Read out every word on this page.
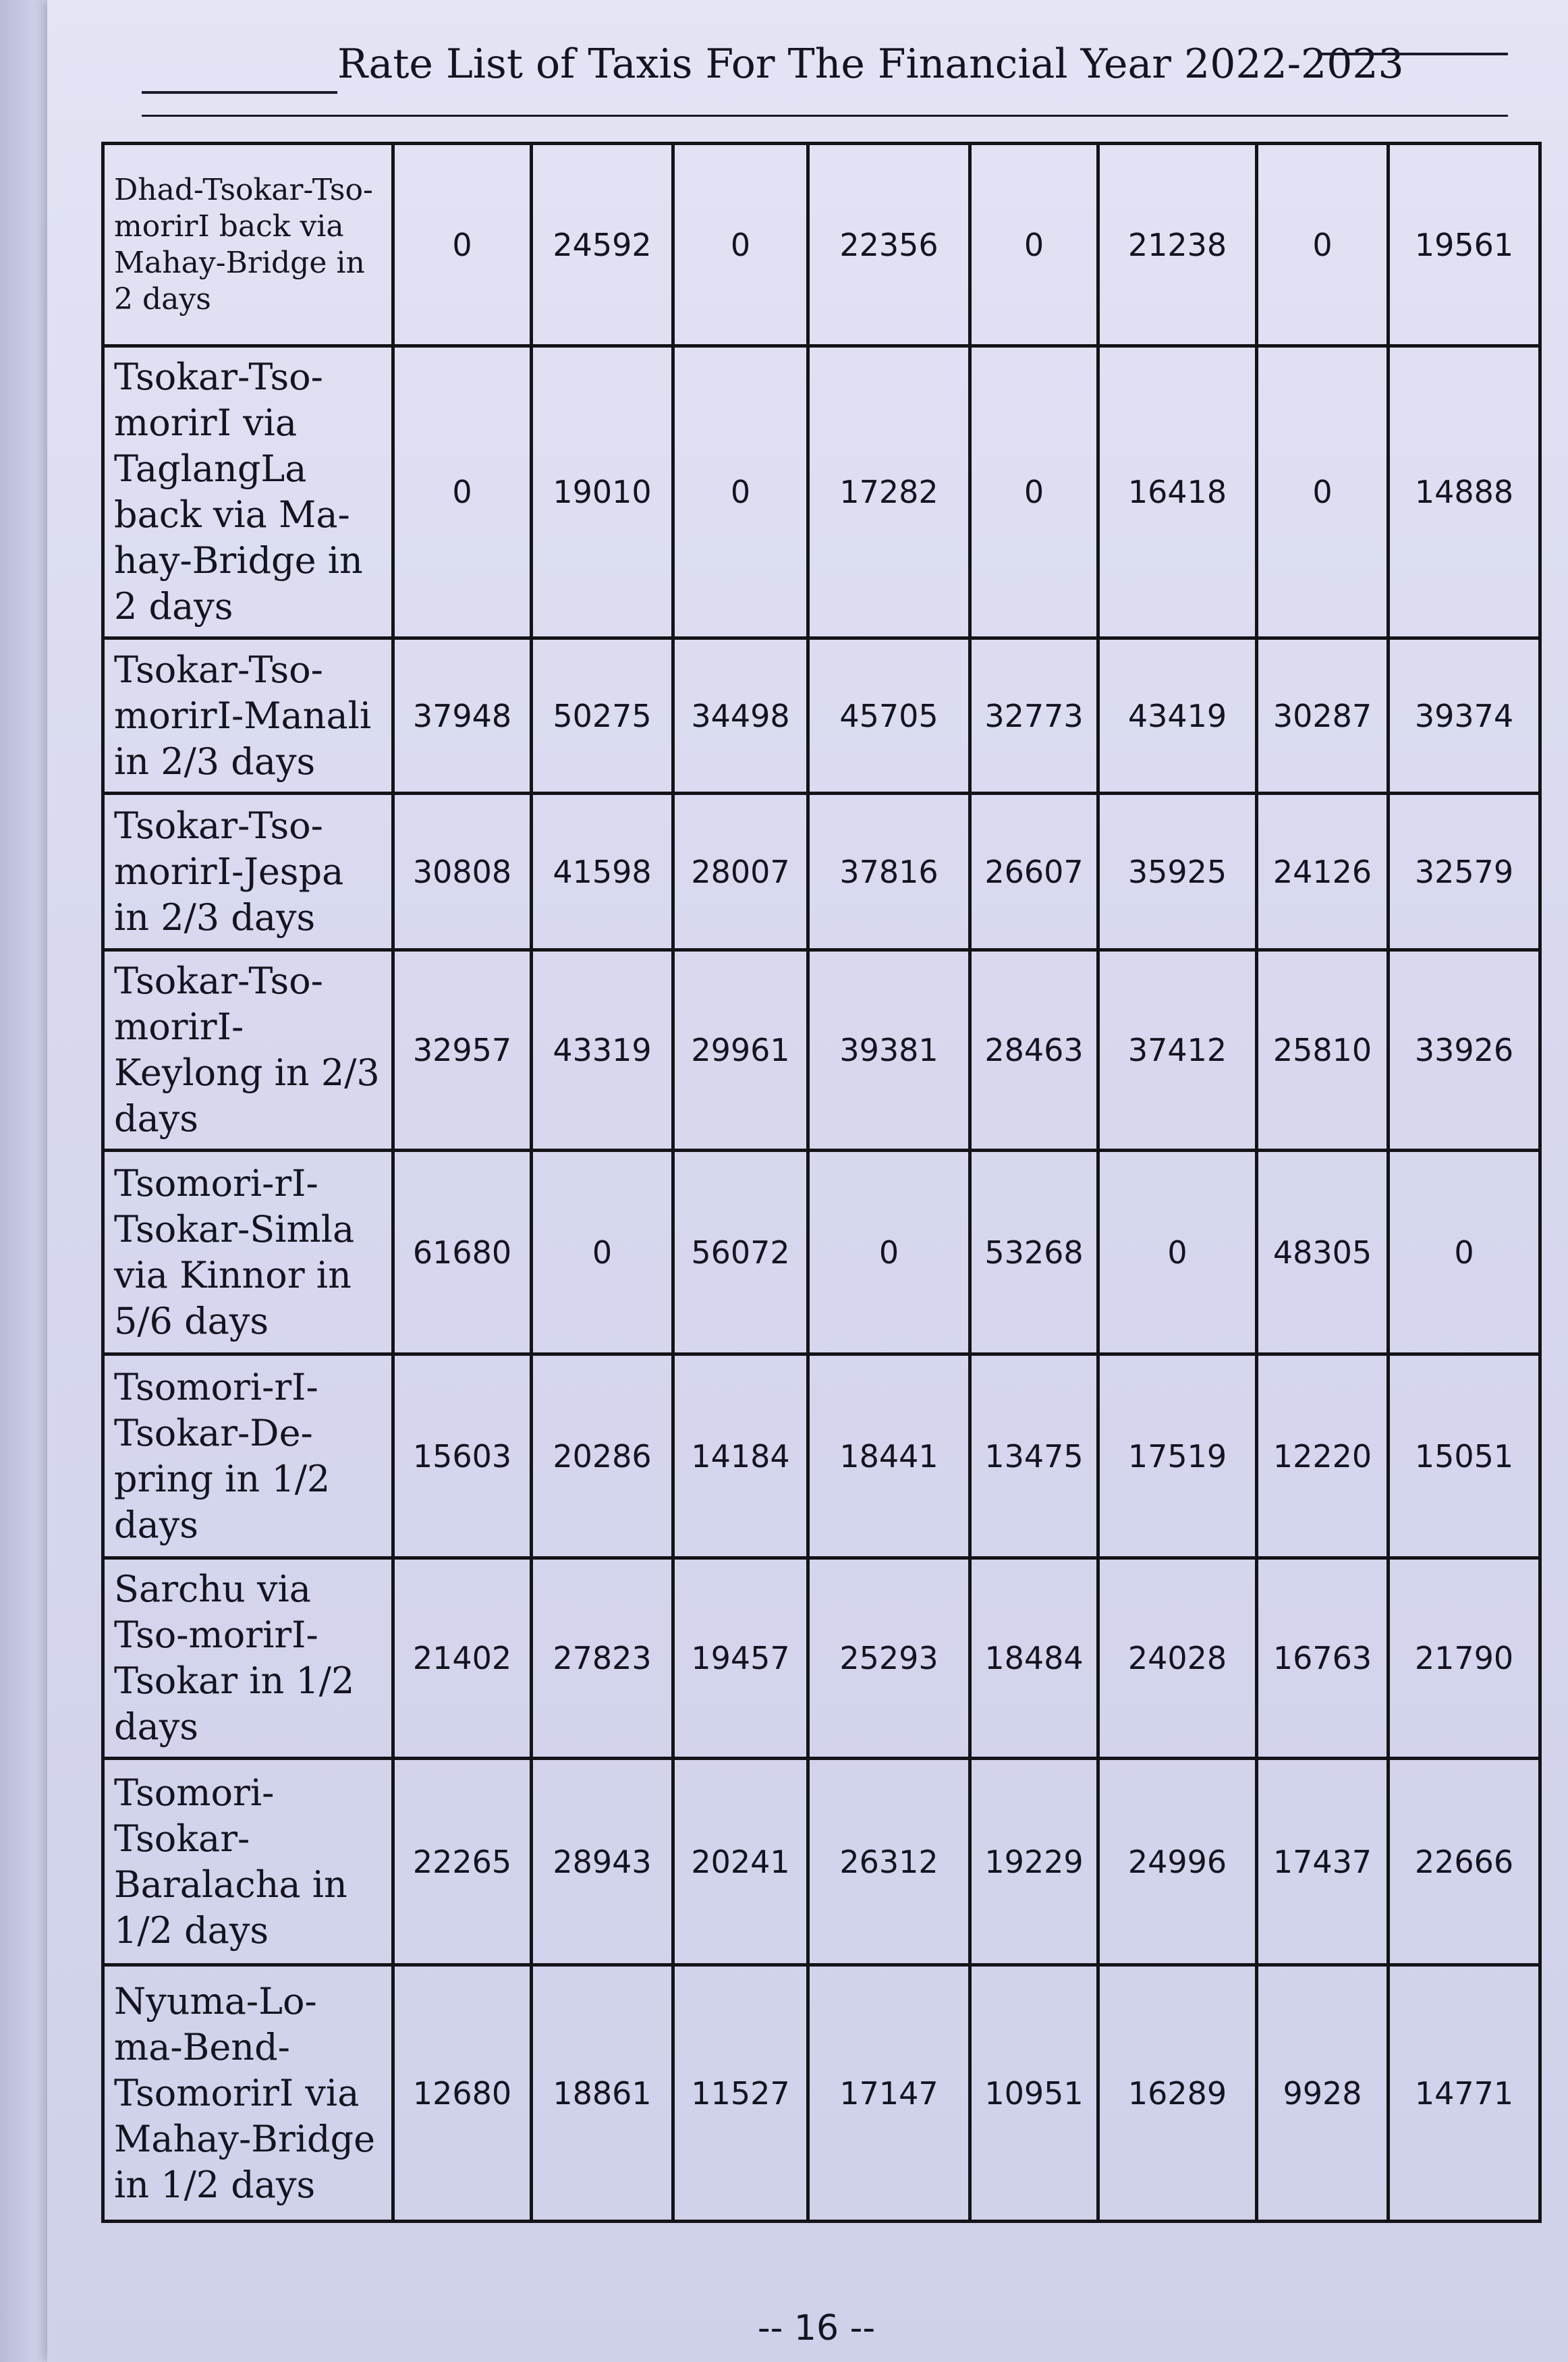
Rate List of Taxis For The Financial Year 2022-2023
Dhad-Tsokar-Tso-morirI back via Mahay-Bridge in 2 days	0	24592	0	22356	0	21238	0	19561
Tsokar-Tso-morirI via TaglangLa back via Ma-hay-Bridge in 2 days	0	19010	0	17282	0	16418	0	14888
Tsokar-Tso-morirI-Manali in 2/3 days	37948	50275	34498	45705	32773	43419	30287	39374
Tsokar-Tso-morirI-Jespa in 2/3 days	30808	41598	28007	37816	26607	35925	24126	32579
Tsokar-Tso-morirI-Keylong in 2/3 days	32957	43319	29961	39381	28463	37412	25810	33926
Tsomori-rI-Tsokar-Simla via Kinnor in 5/6 days	61680	0	56072	0	53268	0	48305	0
Tsomori-rI-Tsokar-De-pring in 1/2 days	15603	20286	14184	18441	13475	17519	12220	15051
Sarchu via Tso-morirI-Tsokar in 1/2 days	21402	27823	19457	25293	18484	24028	16763	21790
Tsomori-Tsokar-Baralacha in 1/2 days	22265	28943	20241	26312	19229	24996	17437	22666
Nyuma-Lo-ma-Bend-TsomorirI via Mahay-Bridge in 1/2 days	12680	18861	11527	17147	10951	16289	9928	14771
-- 16 --
